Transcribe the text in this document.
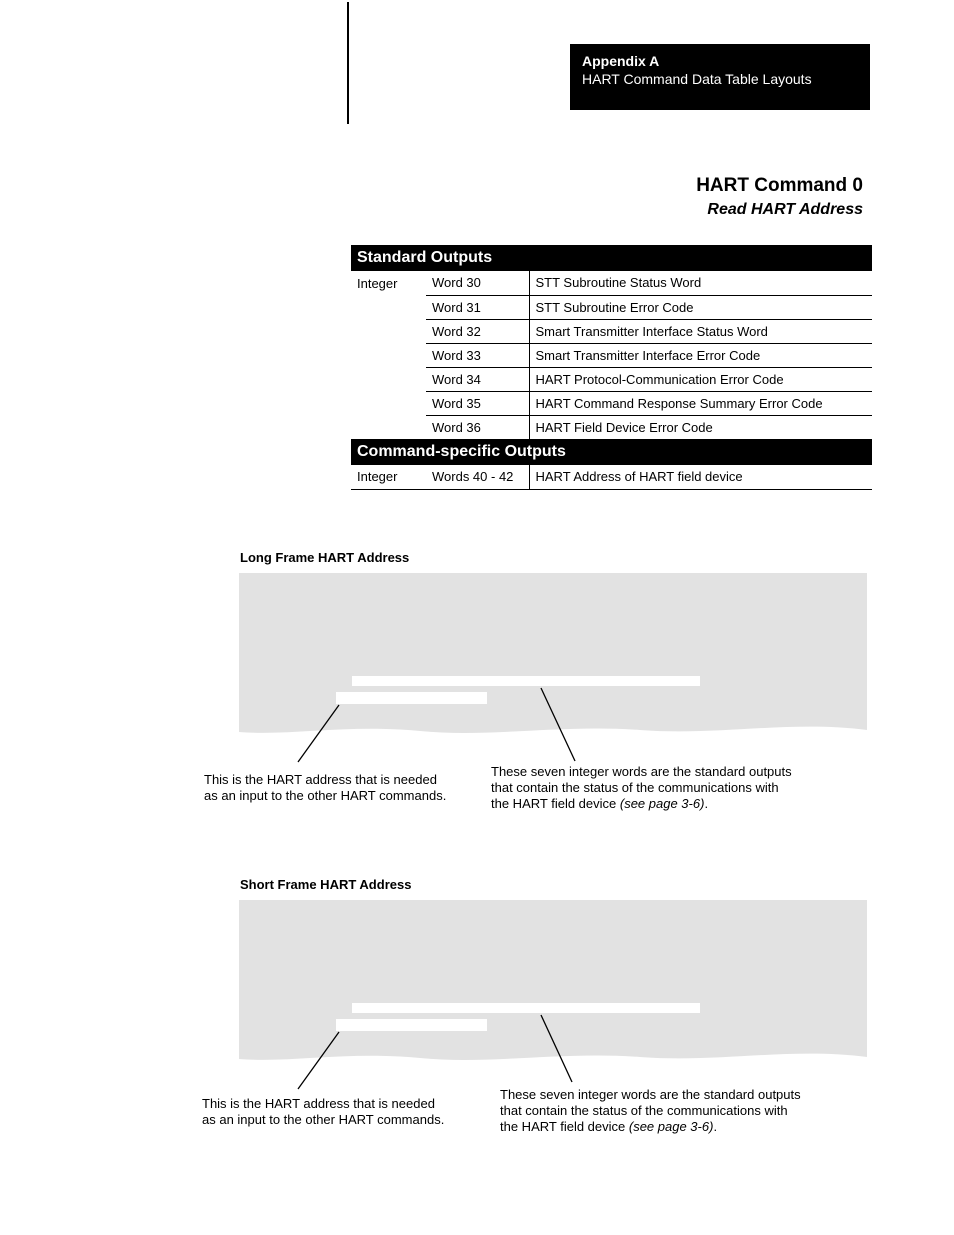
Appendix A
HART Command Data Table Layouts
HART Command 0
Read HART Address
Standard Outputs		
Integer	Word 30	STT Subroutine Status Word
	Word 31	STT Subroutine Error Code
	Word 32	Smart Transmitter Interface Status Word
	Word 33	Smart Transmitter Interface Error Code
	Word 34	HART Protocol-Communication Error Code
	Word 35	HART Command Response Summary Error Code
	Word 36	HART Field Device Error Code
Command-specific Outputs		
Integer	Words 40 - 42	HART Address of HART field device
Long Frame HART Address
This is the HART address that is needed
as an input to the other HART commands.
These seven integer words are the standard outputs
that contain the status of the communications with
the HART field device (see page 3-6).
Short Frame HART Address
This is the HART address that is needed
as an input to the other HART commands.
These seven integer words are the standard outputs
that contain the status of the communications with
the HART field device (see page 3-6).
